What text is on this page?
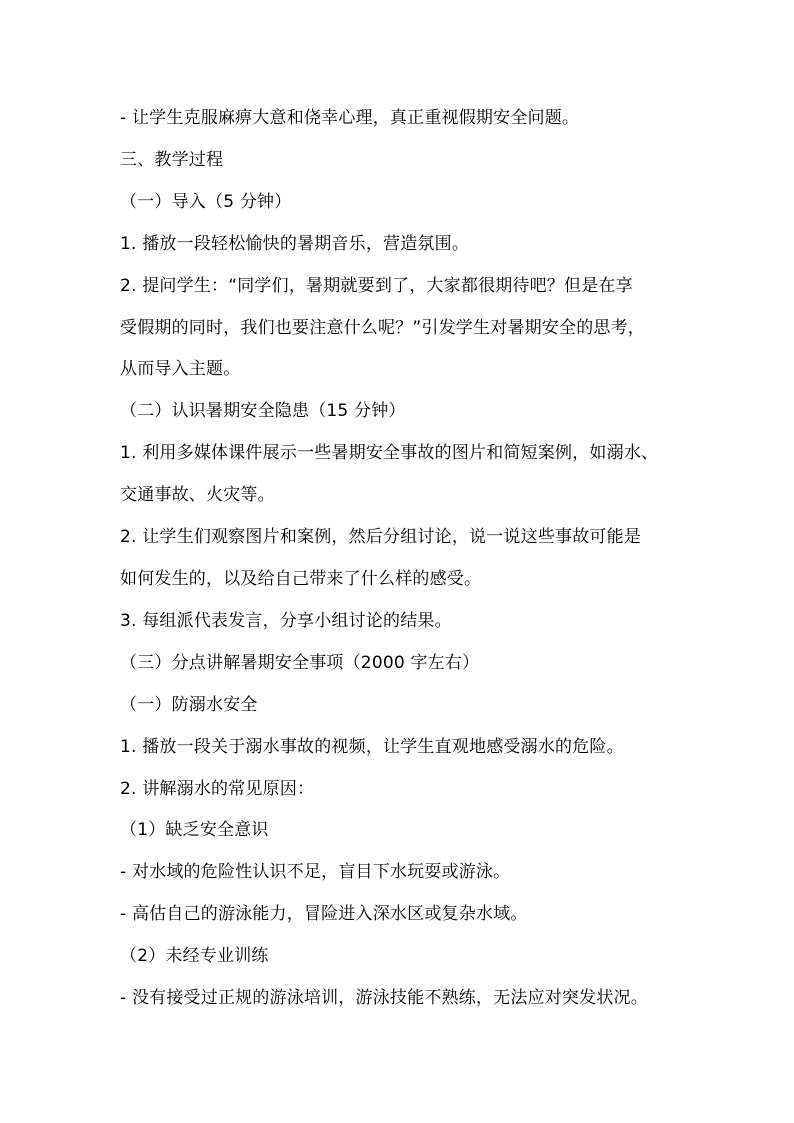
- 让学生克服麻痹大意和侥幸心理，真正重视假期安全问题。
三、教学过程
（一）导入（5 分钟）
1. 播放一段轻松愉快的暑期音乐，营造氛围。
2. 提问学生：“同学们，暑期就要到了，大家都很期待吧？但是在享
受假期的同时，我们也要注意什么呢？”引发学生对暑期安全的思考，
从而导入主题。
（二）认识暑期安全隐患（15 分钟）
1. 利用多媒体课件展示一些暑期安全事故的图片和简短案例，如溺水、
交通事故、火灾等。
2. 让学生们观察图片和案例，然后分组讨论，说一说这些事故可能是
如何发生的，以及给自己带来了什么样的感受。
3. 每组派代表发言，分享小组讨论的结果。
（三）分点讲解暑期安全事项（2000 字左右）
（一）防溺水安全
1. 播放一段关于溺水事故的视频，让学生直观地感受溺水的危险。
2. 讲解溺水的常见原因：
（1）缺乏安全意识
- 对水域的危险性认识不足，盲目下水玩耍或游泳。
- 高估自己的游泳能力，冒险进入深水区或复杂水域。
（2）未经专业训练
- 没有接受过正规的游泳培训，游泳技能不熟练，无法应对突发状况。
